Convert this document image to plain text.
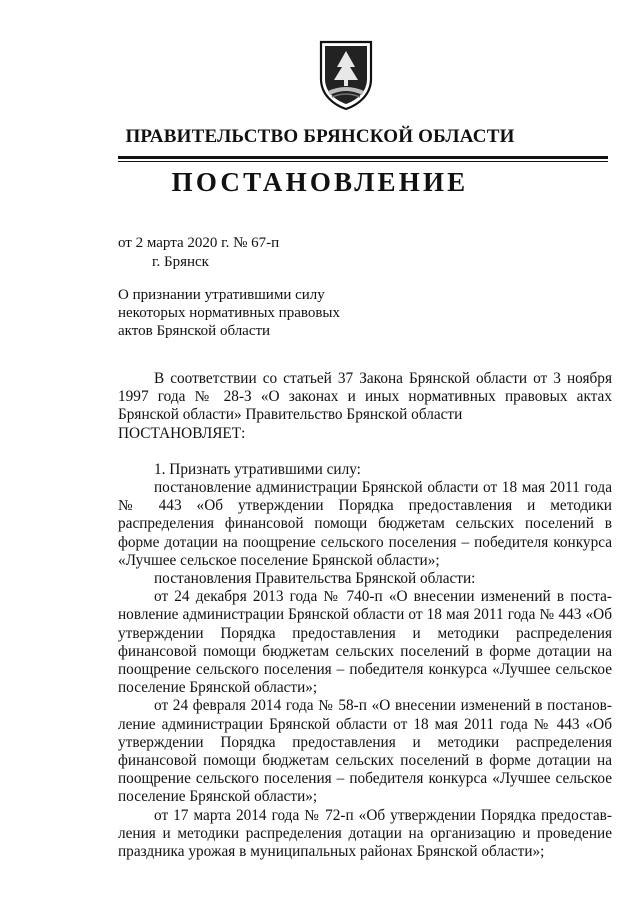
ПРАВИТЕЛЬСТВО БРЯНСКОЙ ОБЛАСТИ
ПОСТАНОВЛЕНИЕ
от 2 марта 2020 г. № 67-п
г. Брянск
О признании утратившими силу
некоторых нормативных правовых
актов Брянской области

В соответствии со статьей 37 Закона Брянской области от 3 ноября 1997 года № 28-З «О законах и иных нормативных правовых актах Брянской области» Правительство Брянской области

ПОСТАНОВЛЯЕТ:

1. Признать утратившими силу:

постановление администрации Брянской области от 18 мая 2011 года № 443 «Об утверждении Порядка предоставления и методики распределения финансовой помощи бюджетам сельских поселений в форме дотации на поощрение сельского поселения – победителя конкурса «Лучшее сельское поселение Брянской области»;

постановления Правительства Брянской области:

от 24 декабря 2013 года № 740-п «О внесении изменений в постановление администрации Брянской области от 18 мая 2011 года № 443 «Об утверждении Порядка предоставления и методики распределения финансовой помощи бюджетам сельских поселений в форме дотации на поощрение сельского поселения – победителя конкурса «Лучшее сельское поселение Брянской области»;

от 24 февраля 2014 года № 58-п «О внесении изменений в постановление администрации Брянской области от 18 мая 2011 года № 443 «Об утверждении Порядка предоставления и методики распределения финансовой помощи бюджетам сельских поселений в форме дотации на поощрение сельского поселения – победителя конкурса «Лучшее сельское поселение Брянской области»;

от 17 марта 2014 года № 72-п «Об утверждении Порядка предоставления и методики распределения дотации на организацию и проведение праздника урожая в муниципальных районах Брянской области»;
